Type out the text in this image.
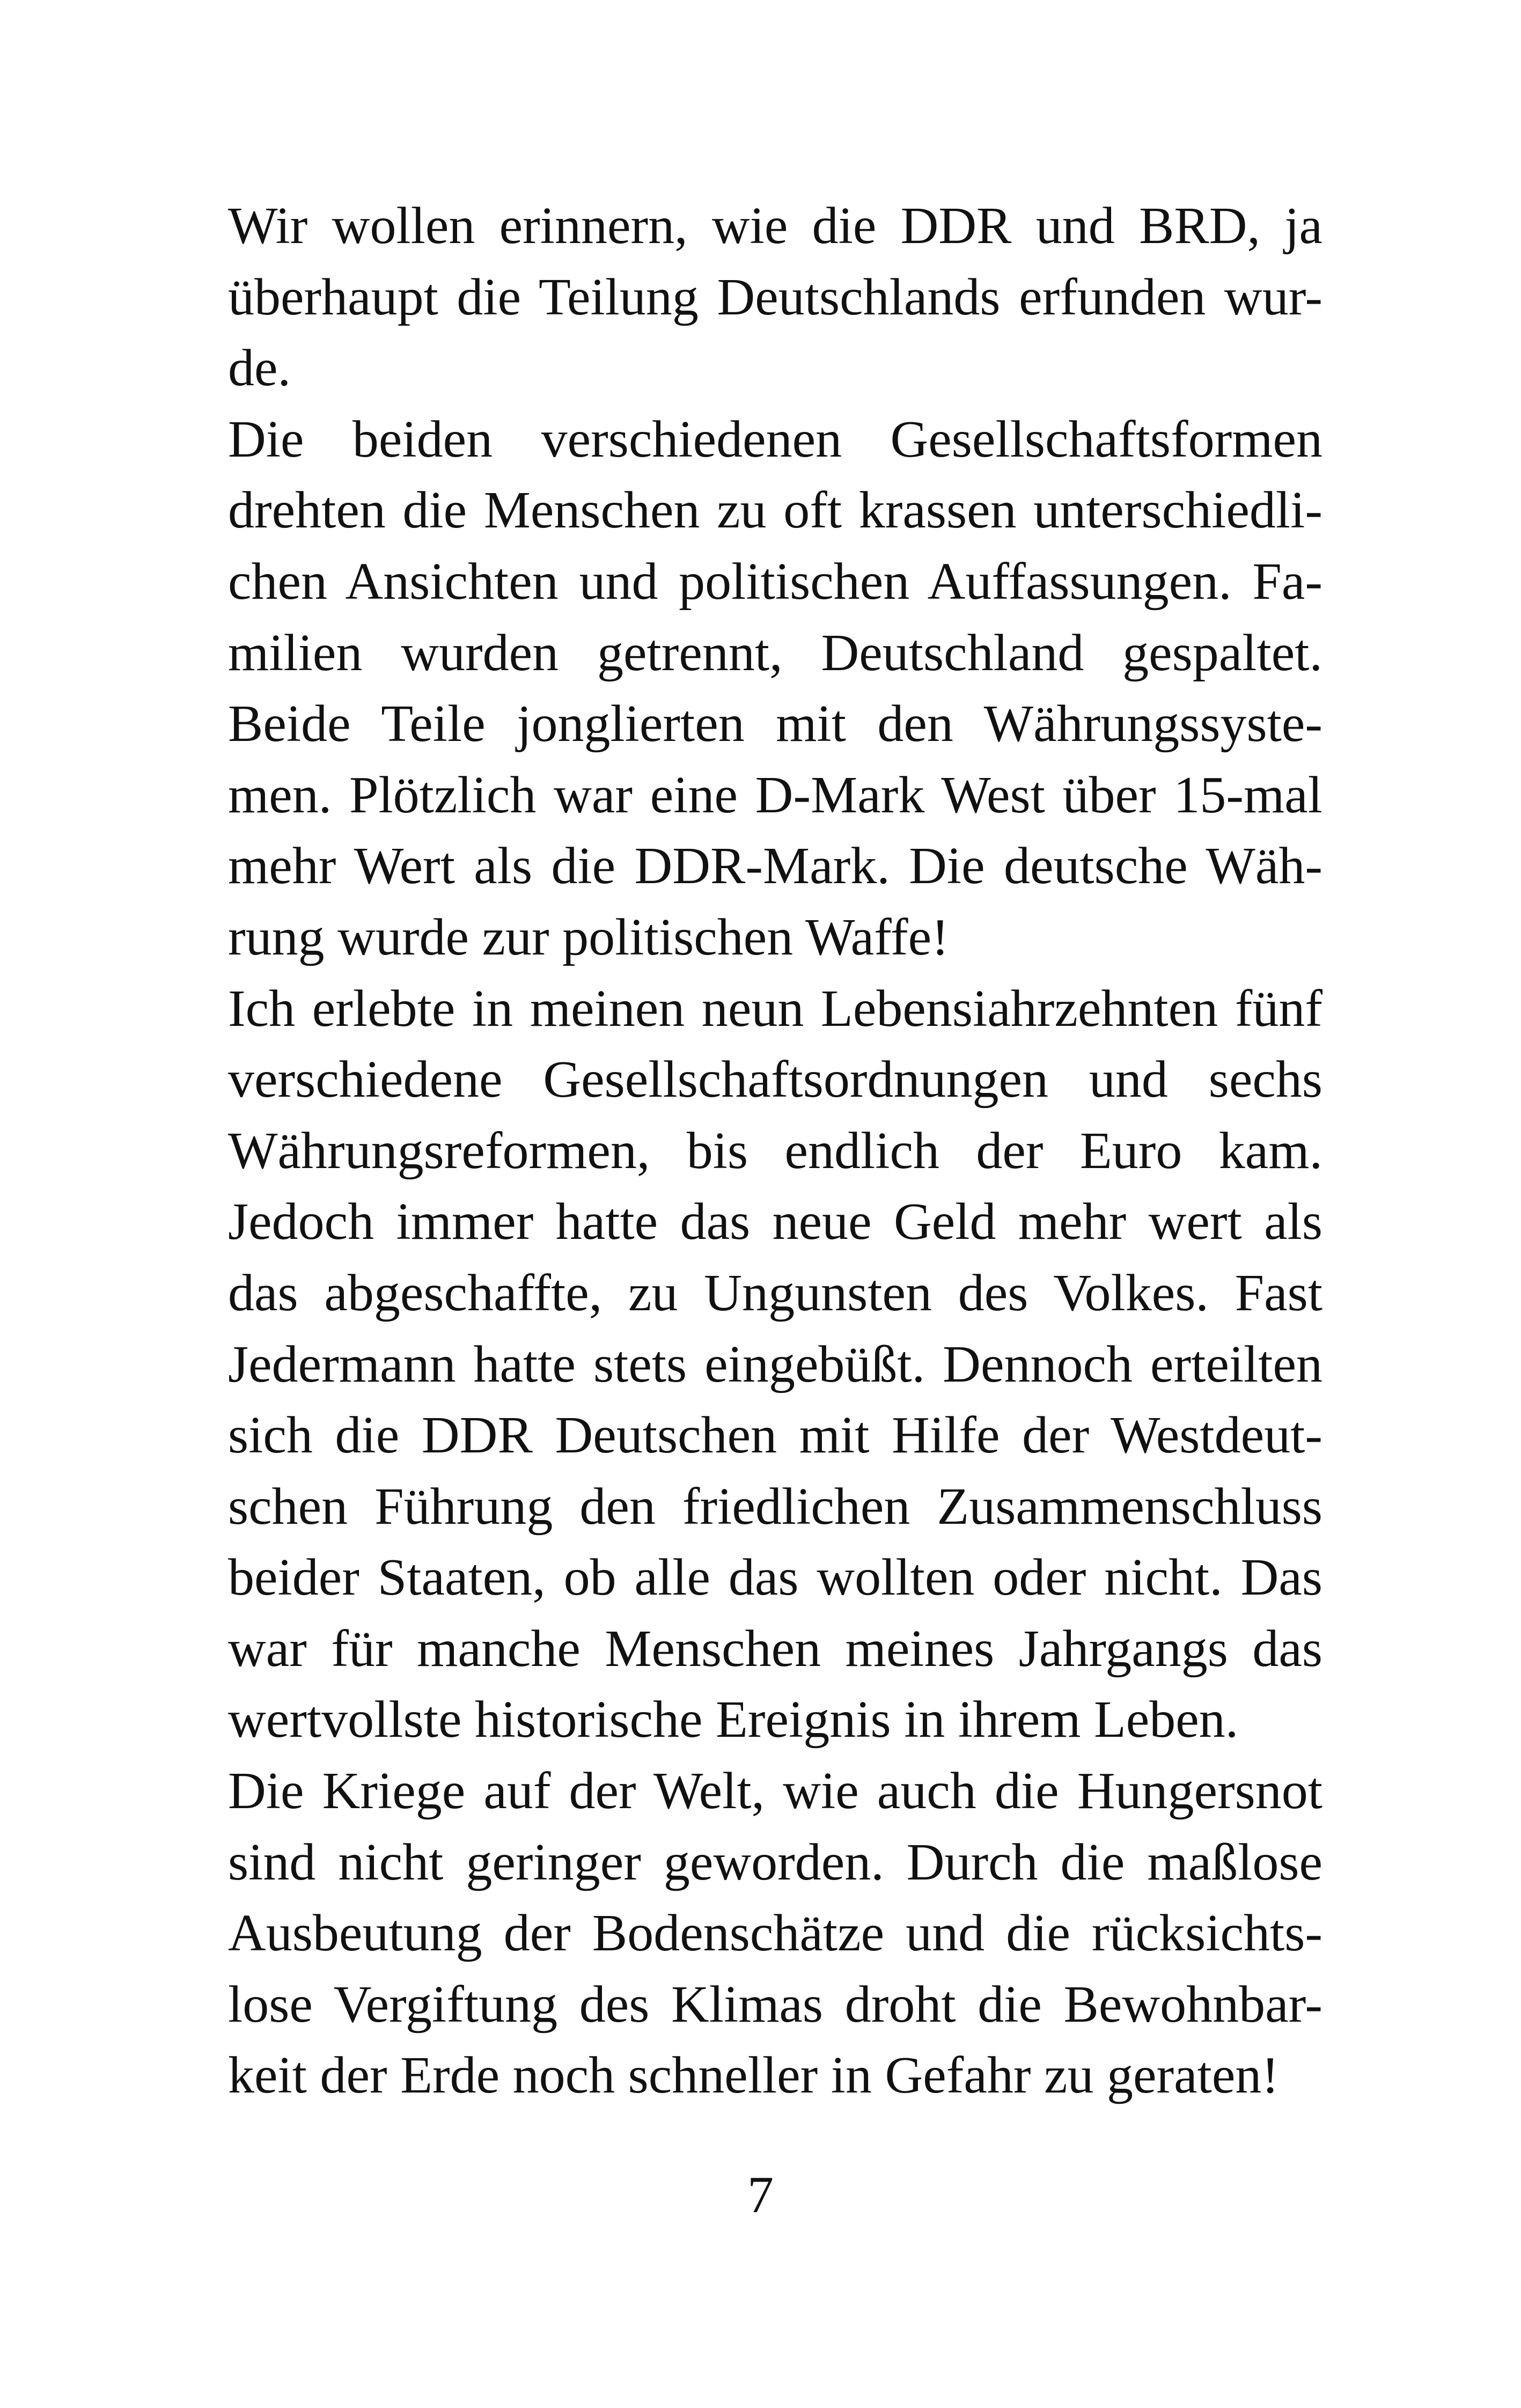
Wir wollen erinnern, wie die DDR und BRD, ja
überhaupt die Teilung Deutschlands erfunden wur-
de.
Die beiden verschiedenen Gesellschaftsformen
drehten die Menschen zu oft krassen unterschiedli-
chen Ansichten und politischen Auffassungen. Fa-
milien wurden getrennt, Deutschland gespaltet.
Beide Teile jonglierten mit den Währungssyste-
men. Plötzlich war eine D-Mark West über 15-mal
mehr Wert als die DDR-Mark. Die deutsche Wäh-
rung wurde zur politischen Waffe!
Ich erlebte in meinen neun Lebensiahrzehnten fünf
verschiedene Gesellschaftsordnungen und sechs
Währungsreformen, bis endlich der Euro kam.
Jedoch immer hatte das neue Geld mehr wert als
das abgeschaffte, zu Ungunsten des Volkes. Fast
Jedermann hatte stets eingebüßt. Dennoch erteilten
sich die DDR Deutschen mit Hilfe der Westdeut-
schen Führung den friedlichen Zusammenschluss
beider Staaten, ob alle das wollten oder nicht. Das
war für manche Menschen meines Jahrgangs das
wertvollste historische Ereignis in ihrem Leben.
Die Kriege auf der Welt, wie auch die Hungersnot
sind nicht geringer geworden. Durch die maßlose
Ausbeutung der Bodenschätze und die rücksichts-
lose Vergiftung des Klimas droht die Bewohnbar-
keit der Erde noch schneller in Gefahr zu geraten!
7
